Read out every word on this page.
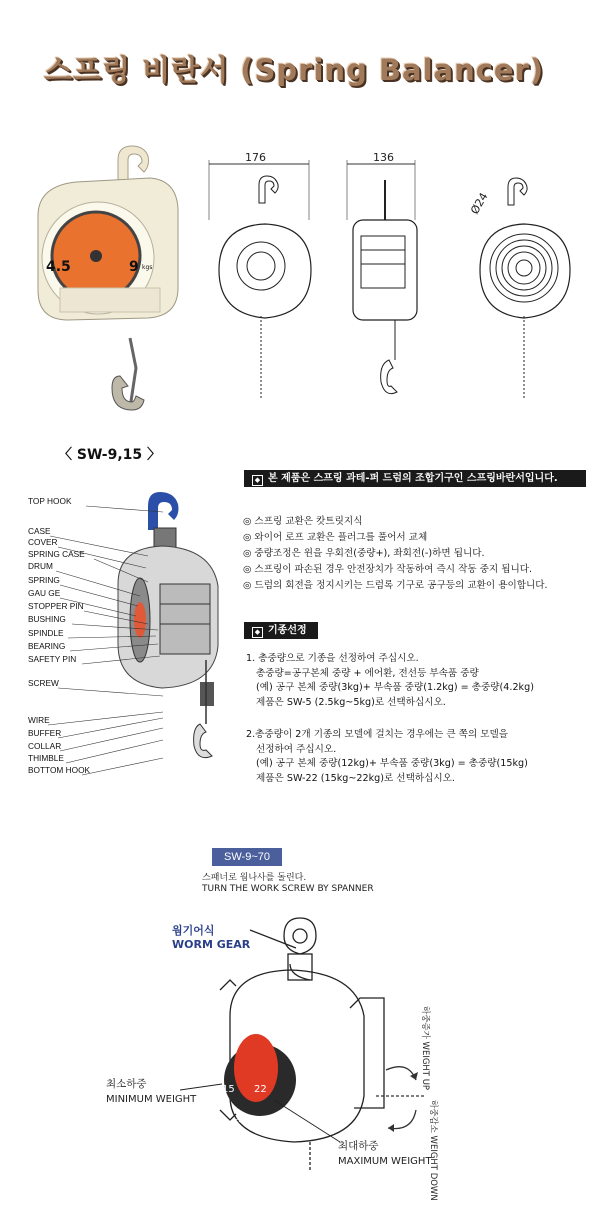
스프링 비란서 (Spring Balancer)
4.5	9 kgs
176	136
Ø24
〈 SW-9,15 〉
TOP HOOK
CASE
COVER
SPRING CASE
DRUM
SPRING
GAU GE
STOPPER PIN
BUSHING
SPINDLE
BEARING
SAFETY PIN
SCREW
WIRE
BUFFER
COLLAR
THIMBLE
BOTTOM HOOK
◆ 본 제품은 스프링 과테-퍼 드럼의 조합기구인 스프링바란서입니다.
◎ 스프링 교환은 캇트릿지식
◎ 와이어 로프 교환은 플러그를 풀어서 교체
◎ 중량조정은 윈을 우회전(중량+), 좌회전(-)하면 됩니다.
◎ 스프링이 파손된 경우 안전장치가 작동하여 즉시 작동 중지 됩니다.
◎ 드럼의 회전을 정지시키는 드럼록 기구로 공구등의 교환이 용이합니다.
◆ 기종선정
1. 총중량으로 기종을 선정하여 주십시오.
총중량=공구본체 중량 + 에어환, 전선등 부속품 중량
(예) 공구 본체 중량(3kg)+ 부속품 중량(1.2kg) = 총중량(4.2kg)
제품은 SW-5 (2.5kg~5kg)로 선택하십시오.
2.총중량이 2개 기종의 모델에 걸치는 경우에는 큰 쪽의 모델을
선정하여 주십시오.
(예) 공구 본체 중량(12kg)+ 부속품 중량(3kg) = 총중량(15kg)
제품은 SW-22 (15kg~22kg)로 선택하십시오.
SW-9~70
스패너로 웜나사를 돌린다.
TURN THE WORK SCREW BY SPANNER
웜기어식
WORM GEAR
15 22
S-22
하중증가 WEIGHT UP
하중감소 WEIGHT DOWN
최소하중
MINIMUM WEIGHT
최대하중
MAXIMUM WEIGHT
